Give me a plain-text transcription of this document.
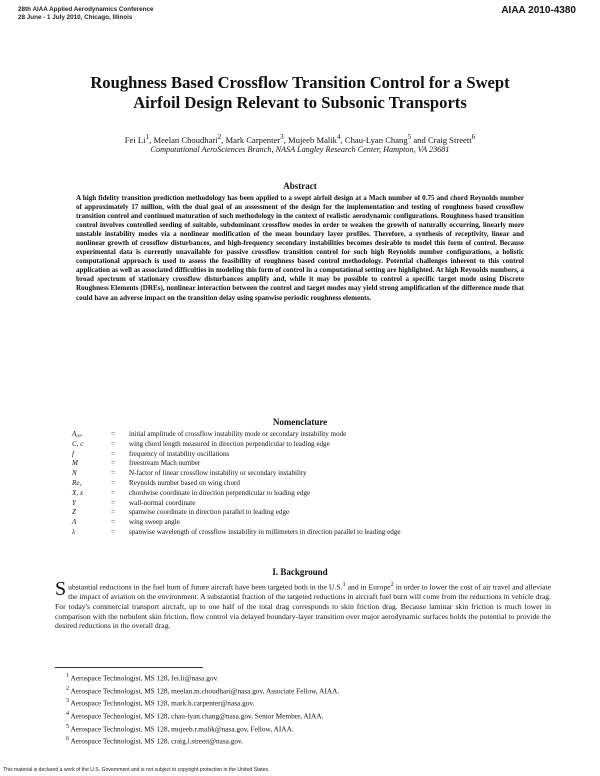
28th AIAA Applied Aerodynamics Conference
28 June - 1 July 2010, Chicago, Illinois
AIAA 2010-4380
Roughness Based Crossflow Transition Control for a Swept
Airfoil Design Relevant to Subsonic Transports
Fei Li$^1$, Meelan Choudhari$^2$, Mark Carpenter$^3$, Mujeeb Malik$^4$, Chau-Lyan Chang$^5$ and Craig Streett$^6$
Computational AeroSciences Branch, NASA Langley Research Center, Hampton, VA 23681
Abstract
A high fidelity transition prediction methodology has been applied to a swept airfoil design at a Mach number of 0.75 and chord Reynolds number of approximately 17 million, with the dual goal of an assessment of the design for the implementation and testing of roughness based crossflow transition control and continued maturation of such methodology in the context of realistic aerodynamic configurations. Roughness based transition control involves controlled seeding of suitable, subdominant crossflow modes in order to weaken the growth of naturally occurring, linearly more unstable instability modes via a nonlinear modification of the mean boundary layer profiles. Therefore, a synthesis of receptivity, linear and nonlinear growth of crossflow disturbances, and high-frequency secondary instabilities becomes desirable to model this form of control. Because experimental data is currently unavailable for passive crossflow transition control for such high Reynolds number configurations, a holistic computational approach is used to assess the feasibility of roughness based control methodology. Potential challenges inherent to this control application as well as associated difficulties in modeling this form of control in a computational setting are highlighted. At high Reynolds numbers, a broad spectrum of stationary crossflow disturbances amplify and, while it may be possible to control a specific target mode using Discrete Roughness Elements (DREs), nonlinear interaction between the control and target modes may yield strong amplification of the difference mode that could have an adverse impact on the transition delay using spanwise periodic roughness elements.
Nomenclature
A₀ᵤᵣ	=	initial amplitude of crossflow instability mode or secondary instability mode
C, c	=	wing chord length measured in direction perpendicular to leading edge
f	=	frequency of instability oscillations
M	=	freestream Mach number
N	=	N-factor of linear crossflow instability or secondary instability
Re꜀	=	Reynolds number based on wing chord
X, x	=	chordwise coordinate in direction perpendicular to leading edge
Y	=	wall-normal coordinate
Z	=	spanwise coordinate in direction parallel to leading edge
Λ	=	wing sweep angle
λ	=	spanwise wavelength of crossflow instability in millimeters in direction parallel to leading edge
I. Background
Substantial reductions in the fuel burn of future aircraft have been targeted both in the U.S.$^1$ and in Europe$^2$ in order to lower the cost of air travel and alleviate the impact of aviation on the environment. A substantial fraction of the targeted reductions in aircraft fuel burn will come from the reductions in vehicle drag. For today's commercial transport aircraft, up to one half of the total drag corresponds to skin friction drag. Because laminar skin friction is much lower in comparison with the turbulent skin friction, flow control via delayed boundary-layer transition over major aerodynamic surfaces holds the potential to provide the desired reductions in the overall drag.
$^1$ Aerospace Technologist, MS 128, fei.li@nasa.gov.
$^2$ Aerospace Technologist, MS 128, meelan.m.choudhari@nasa.gov, Associate Fellow, AIAA.
$^3$ Aerospace Technologist, MS 128, mark.h.carpenter@nasa.gov.
$^4$ Aerospace Technologist, MS 128, chau-lyan.chang@nasa.gov, Senior Member, AIAA.
$^5$ Aerospace Technologist, MS 128, mujeeb.r.malik@nasa.gov, Fellow, AIAA.
$^6$ Aerospace Technologist, MS 128, craig.l.streett@nasa.gov.
This material is declared a work of the U.S. Government and is not subject to copyright protection in the United States.
